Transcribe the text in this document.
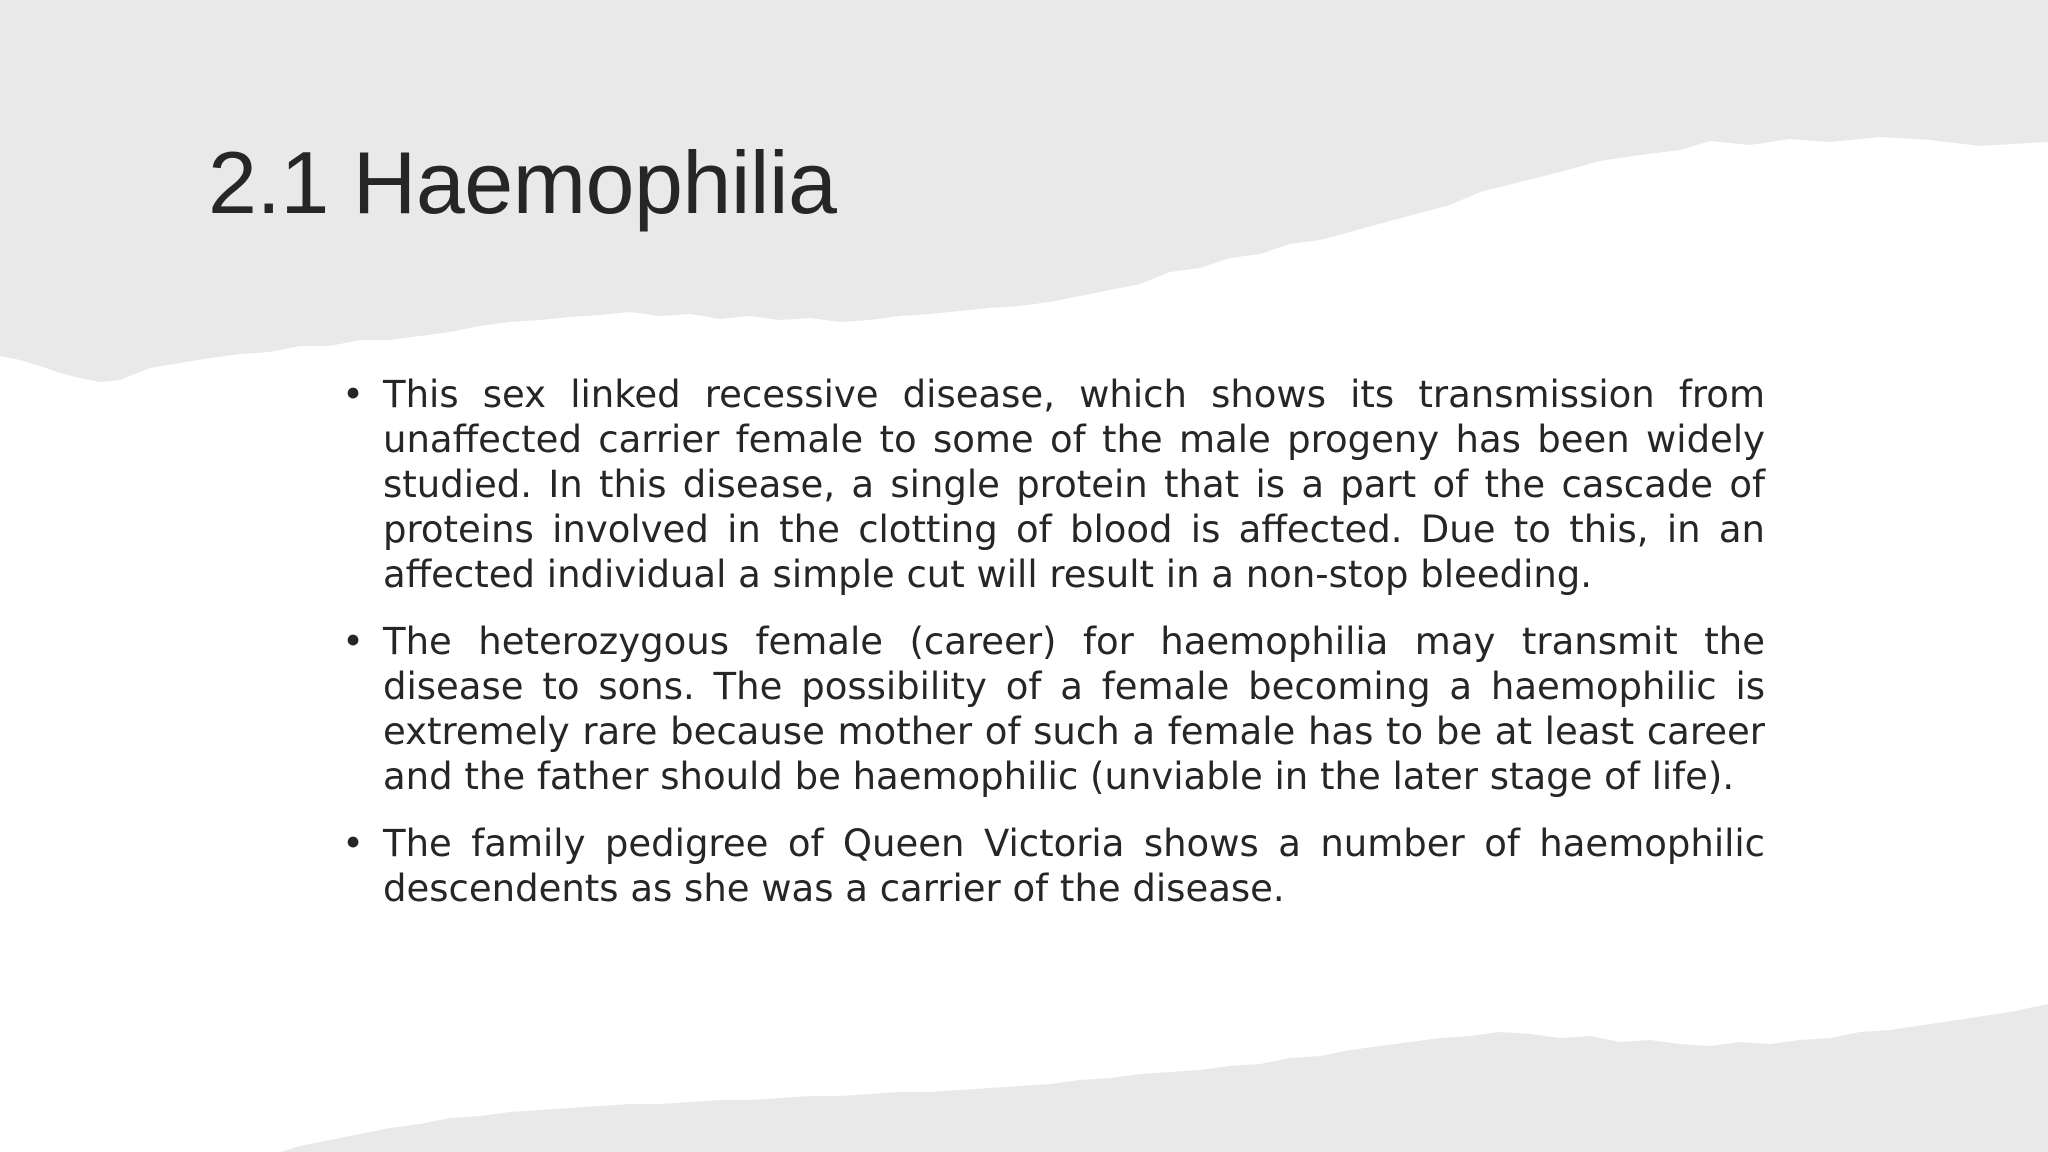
2.1 Haemophilia
• This sex linked recessive disease, which shows its transmission from unaffected carrier female to some of the male progeny has been widely studied. In this disease, a single protein that is a part of the cascade of proteins involved in the clotting of blood is affected. Due to this, in an affected individual a simple cut will result in a non-stop bleeding.
• The heterozygous female (career) for haemophilia may transmit the disease to sons. The possibility of a female becoming a haemophilic is extremely rare because mother of such a female has to be at least career and the father should be haemophilic (unviable in the later stage of life).
• The family pedigree of Queen Victoria shows a number of haemophilic descendents as she was a carrier of the disease.
